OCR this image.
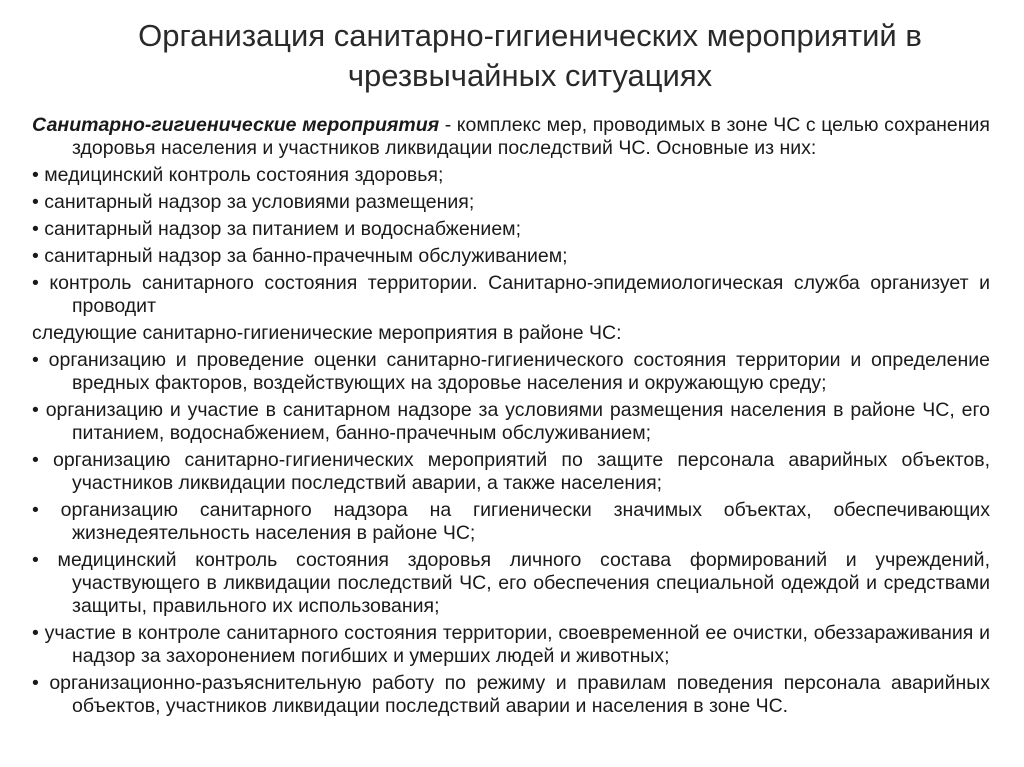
Организация санитарно-гигиенических мероприятий в
чрезвычайных ситуациях

Санитарно-гигиенические мероприятия - комплекс мер, проводимых в зоне ЧС с целью сохранения здоровья населения и участников ликвидации последствий ЧС. Основные из них:

• медицинский контроль состояния здоровья;

• санитарный надзор за условиями размещения;

• санитарный надзор за питанием и водоснабжением;

• санитарный надзор за банно-прачечным обслуживанием;

• контроль санитарного состояния территории. Санитарно-эпидемиологическая служба организует и проводит

следующие санитарно-гигиенические мероприятия в районе ЧС:

• организацию и проведение оценки санитарно-гигиенического состояния территории и определение вредных факторов, воздействующих на здоровье населения и окружающую среду;

• организацию и участие в санитарном надзоре за условиями размещения населения в районе ЧС, его питанием, водоснабжением, банно-прачечным обслуживанием;

• организацию санитарно-гигиенических мероприятий по защите персонала аварийных объектов, участников ликвидации последствий аварии, а также населения;

• организацию санитарного надзора на гигиенически значимых объектах, обеспечивающих жизнедеятельность населения в районе ЧС;

• медицинский контроль состояния здоровья личного состава формирований и учреждений, участвующего в ликвидации последствий ЧС, его обеспечения специальной одеждой и средствами защиты, правильного их использования;

• участие в контроле санитарного состояния территории, своевременной ее очистки, обеззараживания и надзор за захоронением погибших и умерших людей и животных;

• организационно-разъяснительную работу по режиму и правилам поведения персонала аварийных объектов, участников ликвидации последствий аварии и населения в зоне ЧС.
